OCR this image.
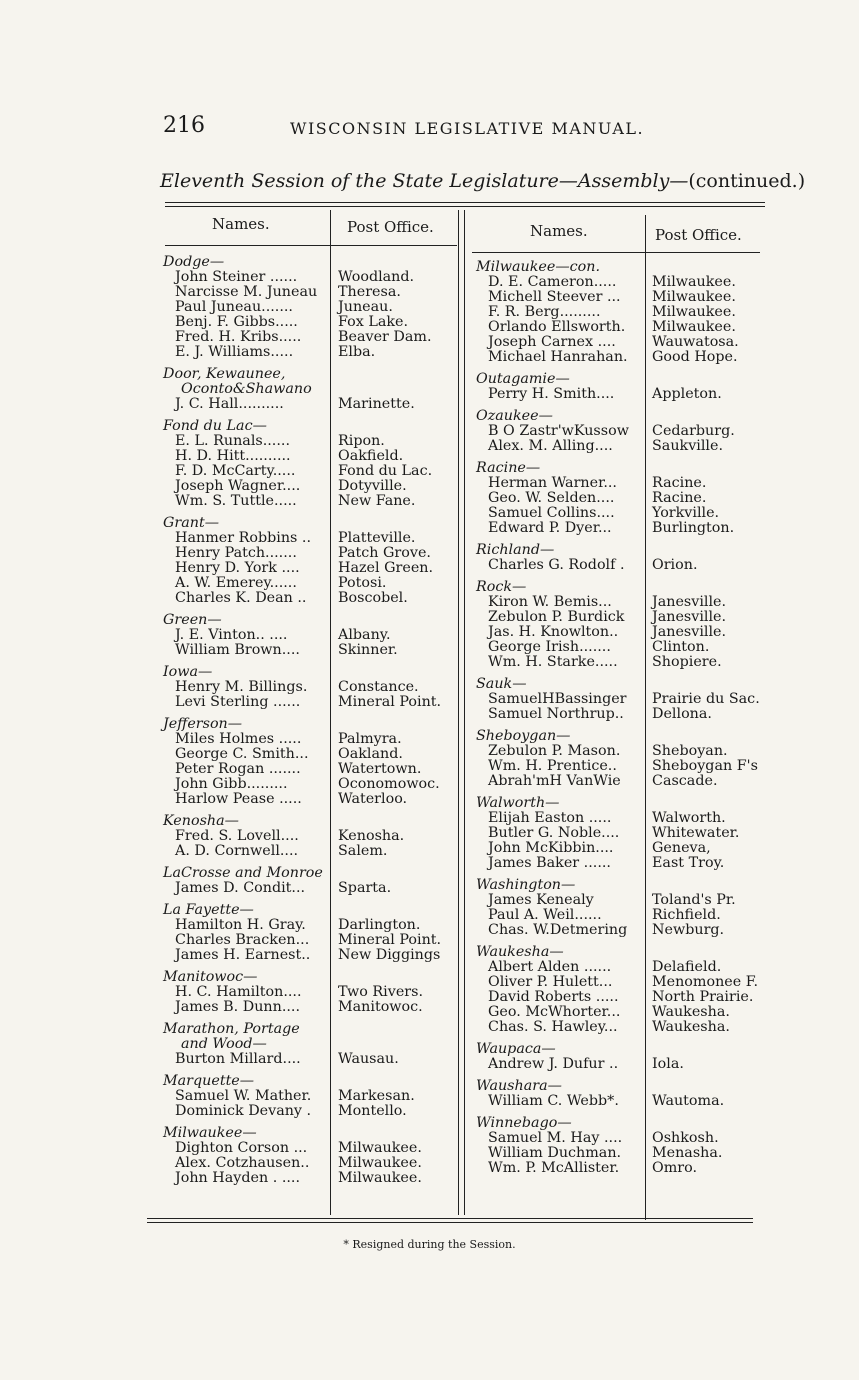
216	WISCONSIN LEGISLATIVE MANUAL.
Eleventh Session of the State Legislature—Assembly—(continued.)
Names.	Post Office.	Names.	Post Office.
Dodge—
John Steiner ......	Woodland.
Narcisse M. Juneau Theresa.
Paul Juneau.......	Juneau.
Benj. F. Gibbs.....	Fox Lake.
Fred. H. Kribs.....	Beaver Dam.
E. J. Williams.....	Elba.
Door, Kewaunee,
Oconto&Shawano
J. C. Hall..........	Marinette.
Fond du Lac—
E. L. Runals......	Ripon.
H. D. Hitt..........	Oakfield.
F. D. McCarty.....	Fond du Lac.
Joseph Wagner....	Dotyville.
Wm. S. Tuttle.....	New Fane.
Grant—
Hanmer Robbins .. Platteville.
Henry Patch.......	Patch Grove.
Henry D. York ....	Hazel Green.
A. W. Emerey......	Potosi.
Charles K. Dean .. Boscobel.
Green—
J. E. Vinton.. ....	Albany.
William Brown....	Skinner.
Iowa—
Henry M. Billings. Constance.
Levi Sterling ......	Mineral Point.
Jefferson—
Miles Holmes .....	Palmyra.
George C. Smith... Oakland.
Peter Rogan .......	Watertown.
John Gibb.........	Oconomowoc.
Harlow Pease .....	Waterloo.
Kenosha—
Fred. S. Lovell....	Kenosha.
A. D. Cornwell....	Salem.
LaCrosse and Monroe
James D. Condit... Sparta.
La Fayette—
Hamilton H. Gray. Darlington.
Charles Bracken... Mineral Point.
James H. Earnest.. New Diggings
Manitowoc—
H. C. Hamilton....	Two Rivers.
James B. Dunn....	Manitowoc.
Marathon, Portage
and Wood—
Burton Millard....	Wausau.
Marquette—
Samuel W. Mather. Markesan.
Dominick Devany . Montello.
Milwaukee—
Dighton Corson ... Milwaukee.
Alex. Cotzhausen.. Milwaukee.
John Hayden . ....	Milwaukee.
Milwaukee—con.
D. E. Cameron..... Milwaukee.
Michell Steever ... Milwaukee.
F. R. Berg.........	Milwaukee.
Orlando Ellsworth. Milwaukee.
Joseph Carnex ....	Wauwatosa.
Michael Hanrahan. Good Hope.
Outagamie—
Perry H. Smith....	Appleton.
Ozaukee—
B O Zastr'wKussow Cedarburg.
Alex. M. Alling....	Saukville.
Racine—
Herman Warner... Racine.
Geo. W. Selden....	Racine.
Samuel Collins....	Yorkville.
Edward P. Dyer...	Burlington.
Richland—
Charles G. Rodolf . Orion.
Rock—
Kiron W. Bemis...	Janesville.
Zebulon P. Burdick Janesville.
Jas. H. Knowlton.. Janesville.
George Irish.......	Clinton.
Wm. H. Starke..... Shopiere.
Sauk—
SamuelHBassinger Prairie du Sac.
Samuel Northrup.. Dellona.
Sheboygan—
Zebulon P. Mason. Sheboyan.
Wm. H. Prentice.. Sheboygan F's
Abrah'mH VanWie Cascade.
Walworth—
Elijah Easton .....	Walworth.
Butler G. Noble.... Whitewater.
John McKibbin....	Geneva,
James Baker ......	East Troy.
Washington—
James Kenealy	Toland's Pr.
Paul A. Weil......	Richfield.
Chas. W.Detmering Newburg.
Waukesha—
Albert Alden ......	Delafield.
Oliver P. Hulett...	Menomonee F.
David Roberts ..... North Prairie.
Geo. McWhorter... Waukesha.
Chas. S. Hawley... Waukesha.
Waupaca—
Andrew J. Dufur .. Iola.
Waushara—
William C. Webb*. Wautoma.
Winnebago—
Samuel M. Hay .... Oshkosh.
William Duchman. Menasha.
Wm. P. McAllister. Omro.
* Resigned during the Session.
